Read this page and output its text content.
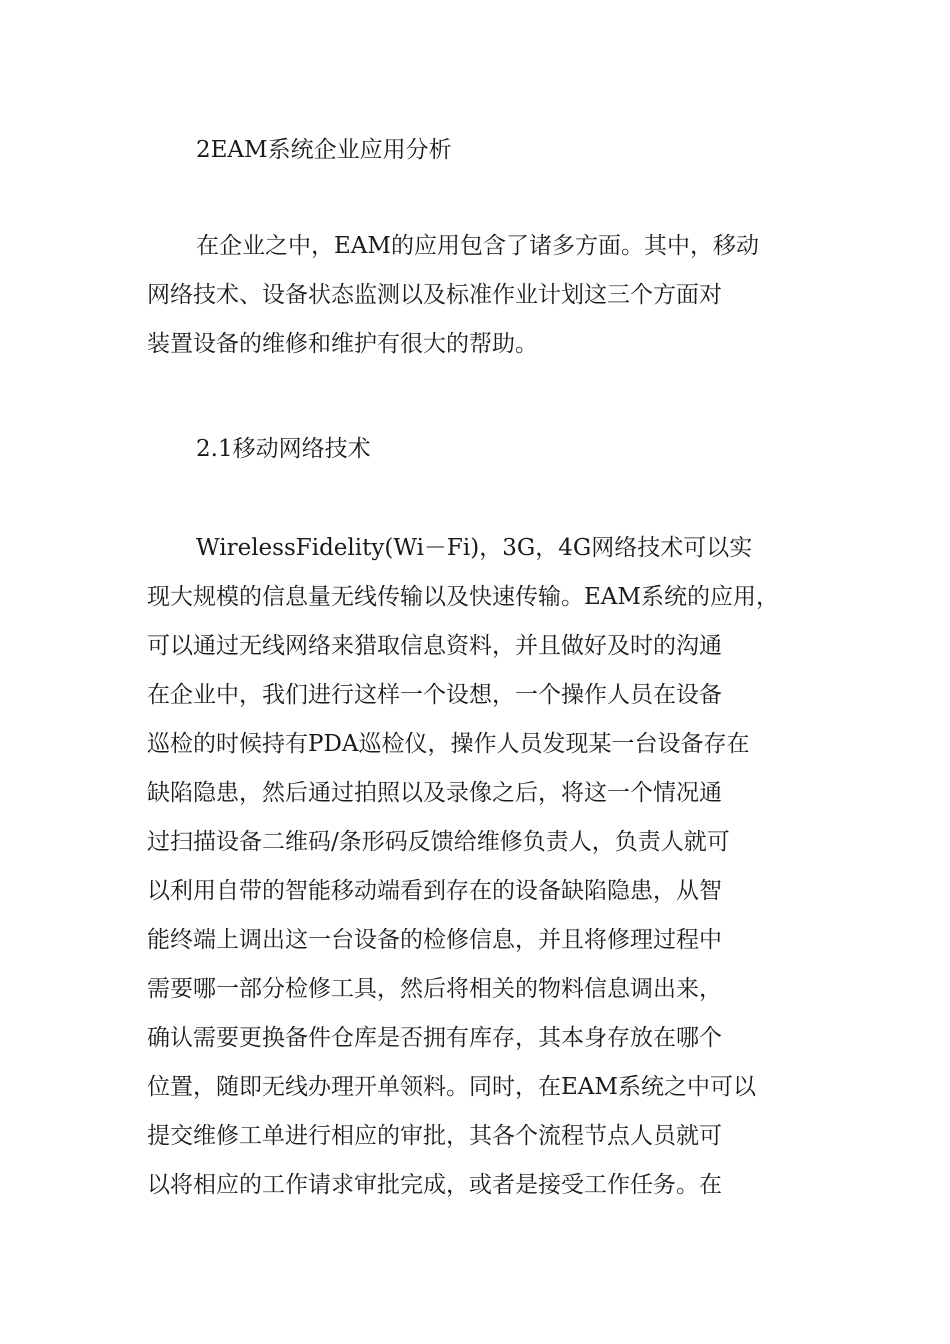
2EAM系统企业应用分析
在企业之中，EAM的应用包含了诸多方面。其中，移动
网络技术、设备状态监测以及标准作业计划这三个方面对
装置设备的维修和维护有很大的帮助。
2.1移动网络技术
WirelessFidelity(Wi－Fi)，3G，4G网络技术可以实
现大规模的信息量无线传输以及快速传输。EAM系统的应用，
可以通过无线网络来猎取信息资料，并且做好及时的沟通
在企业中，我们进行这样一个设想，一个操作人员在设备
巡检的时候持有PDA巡检仪，操作人员发现某一台设备存在
缺陷隐患，然后通过拍照以及录像之后，将这一个情况通
过扫描设备二维码/条形码反馈给维修负责人，负责人就可
以利用自带的智能移动端看到存在的设备缺陷隐患，从智
能终端上调出这一台设备的检修信息，并且将修理过程中
需要哪一部分检修工具，然后将相关的物料信息调出来，
确认需要更换备件仓库是否拥有库存，其本身存放在哪个
位置，随即无线办理开单领料。同时，在EAM系统之中可以
提交维修工单进行相应的审批，其各个流程节点人员就可
以将相应的工作请求审批完成，或者是接受工作任务。在
